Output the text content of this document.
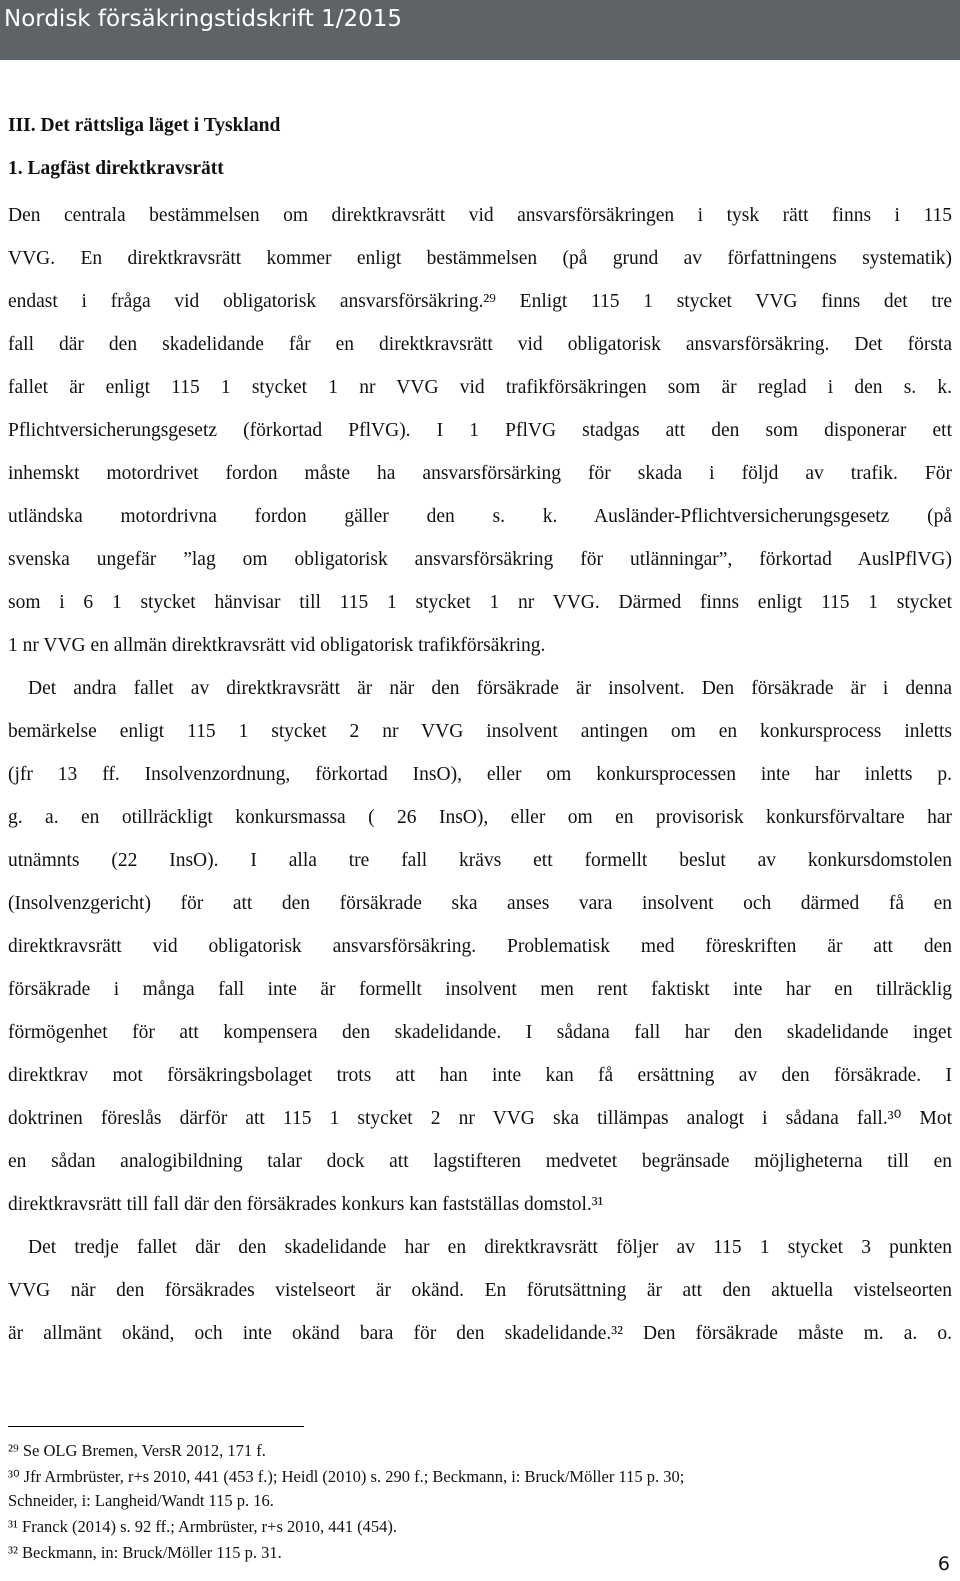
Nordisk försäkringstidskrift 1/2015
III. Det rättsliga läget i Tyskland
1. Lagfäst direktkravsrätt
Den centrala bestämmelsen om direktkravsrätt vid ansvarsförsäkringen i tysk rätt finns i 115
VVG. En direktkravsrätt kommer enligt bestämmelsen (på grund av författningens systematik)
endast i fråga vid obligatorisk ansvarsförsäkring.²⁹ Enligt 115 1 stycket VVG finns det tre
fall där den skadelidande får en direktkravsrätt vid obligatorisk ansvarsförsäkring. Det första
fallet är enligt 115 1 stycket 1 nr VVG vid trafikförsäkringen som är reglad i den s. k.
Pflichtversicherungsgesetz (förkortad PflVG). I 1 PflVG stadgas att den som disponerar ett
inhemskt motordrivet fordon måste ha ansvarsförsärking för skada i följd av trafik. För
utländska motordrivna fordon gäller den s. k. Ausländer-Pflichtversicherungsgesetz (på
svenska ungefär ”lag om obligatorisk ansvarsförsäkring för utlänningar”, förkortad AuslPflVG)
som i 6 1 stycket hänvisar till 115 1 stycket 1 nr VVG. Därmed finns enligt 115 1 stycket
1 nr VVG en allmän direktkravsrätt vid obligatorisk trafikförsäkring.
Det andra fallet av direktkravsrätt är när den försäkrade är insolvent. Den försäkrade är i denna
bemärkelse enligt 115 1 stycket 2 nr VVG insolvent antingen om en konkursprocess inletts
(jfr 13 ff. Insolvenzordnung, förkortad InsO), eller om konkursprocessen inte har inletts p.
g. a. en otillräckligt konkursmassa ( 26 InsO), eller om en provisorisk konkursförvaltare har
utnämnts (22 InsO). I alla tre fall krävs ett formellt beslut av konkursdomstolen
(Insolvenzgericht) för att den försäkrade ska anses vara insolvent och därmed få en
direktkravsrätt vid obligatorisk ansvarsförsäkring. Problematisk med föreskriften är att den
försäkrade i många fall inte är formellt insolvent men rent faktiskt inte har en tillräcklig
förmögenhet för att kompensera den skadelidande. I sådana fall har den skadelidande inget
direktkrav mot försäkringsbolaget trots att han inte kan få ersättning av den försäkrade. I
doktrinen föreslås därför att 115 1 stycket 2 nr VVG ska tillämpas analogt i sådana fall.³⁰ Mot
en sådan analogibildning talar dock att lagstifteren medvetet begränsade möjligheterna till en
direktkravsrätt till fall där den försäkrades konkurs kan fastställas domstol.³¹
Det tredje fallet där den skadelidande har en direktkravsrätt följer av 115 1 stycket 3 punkten
VVG när den försäkrades vistelseort är okänd. En förutsättning är att den aktuella vistelseorten
är allmänt okänd, och inte okänd bara för den skadelidande.³² Den försäkrade måste m. a. o.
²⁹ Se OLG Bremen, VersR 2012, 171 f.
³⁰ Jfr Armbrüster, r+s 2010, 441 (453 f.); Heidl (2010) s. 290 f.; Beckmann, i: Bruck/Möller 115 p. 30;
Schneider, i: Langheid/Wandt 115 p. 16.
³¹ Franck (2014) s. 92 ff.; Armbrüster, r+s 2010, 441 (454).
³² Beckmann, in: Bruck/Möller 115 p. 31.
6
